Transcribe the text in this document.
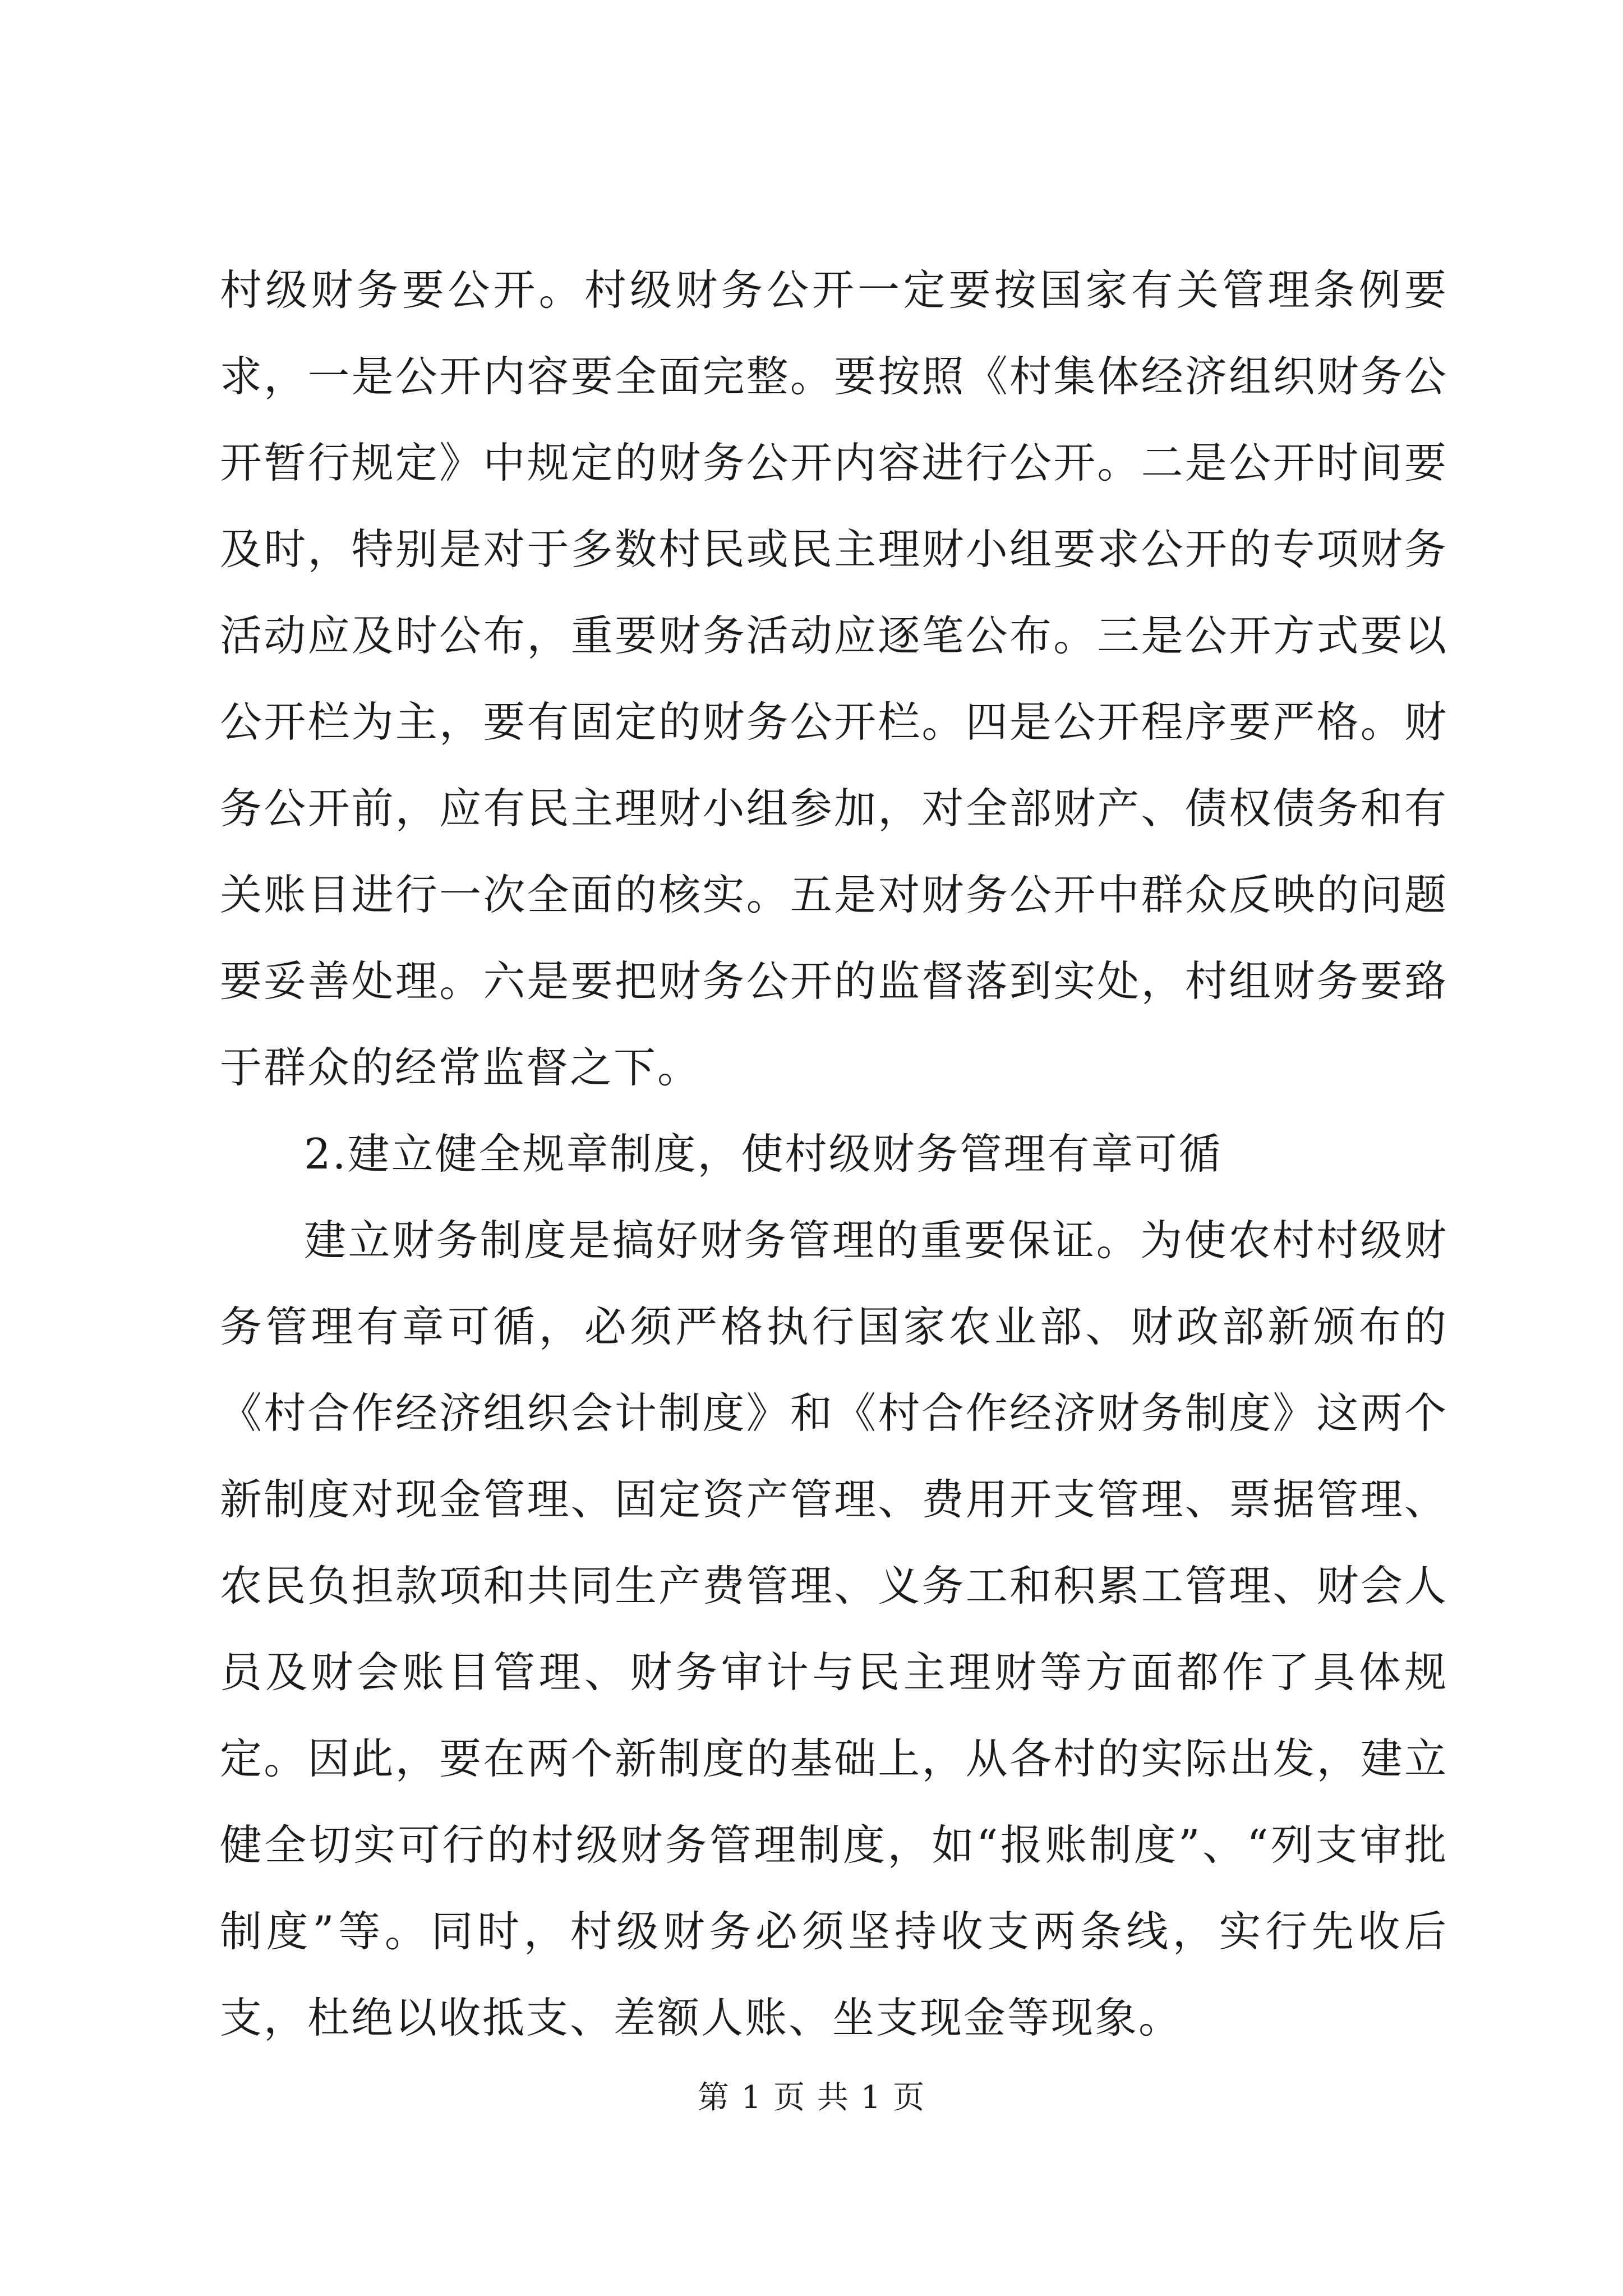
村级财务要公开。村级财务公开一定要按国家有关管理条例要求，一是公开内容要全面完整。要按照《村集体经济组织财务公开暂行规定》中规定的财务公开内容进行公开。二是公开时间要及时，特别是对于多数村民或民主理财小组要求公开的专项财务活动应及时公布，重要财务活动应逐笔公布。三是公开方式要以公开栏为主，要有固定的财务公开栏。四是公开程序要严格。财务公开前，应有民主理财小组参加，对全部财产、债权债务和有关账目进行一次全面的核实。五是对财务公开中群众反映的问题要妥善处理。六是要把财务公开的监督落到实处，村组财务要臵于群众的经常监督之下。

2.建立健全规章制度，使村级财务管理有章可循

建立财务制度是搞好财务管理的重要保证。为使农村村级财务管理有章可循，必须严格执行国家农业部、财政部新颁布的《村合作经济组织会计制度》和《村合作经济财务制度》这两个新制度对现金管理、固定资产管理、费用开支管理、票据管理、农民负担款项和共同生产费管理、义务工和积累工管理、财会人员及财会账目管理、财务审计与民主理财等方面都作了具体规定。因此，要在两个新制度的基础上，从各村的实际出发，建立健全切实可行的村级财务管理制度，如“报账制度”、“列支审批制度”等。同时，村级财务必须坚持收支两条线，实行先收后支，杜绝以收抵支、差额人账、坐支现金等现象。

第 1 页 共 1 页
